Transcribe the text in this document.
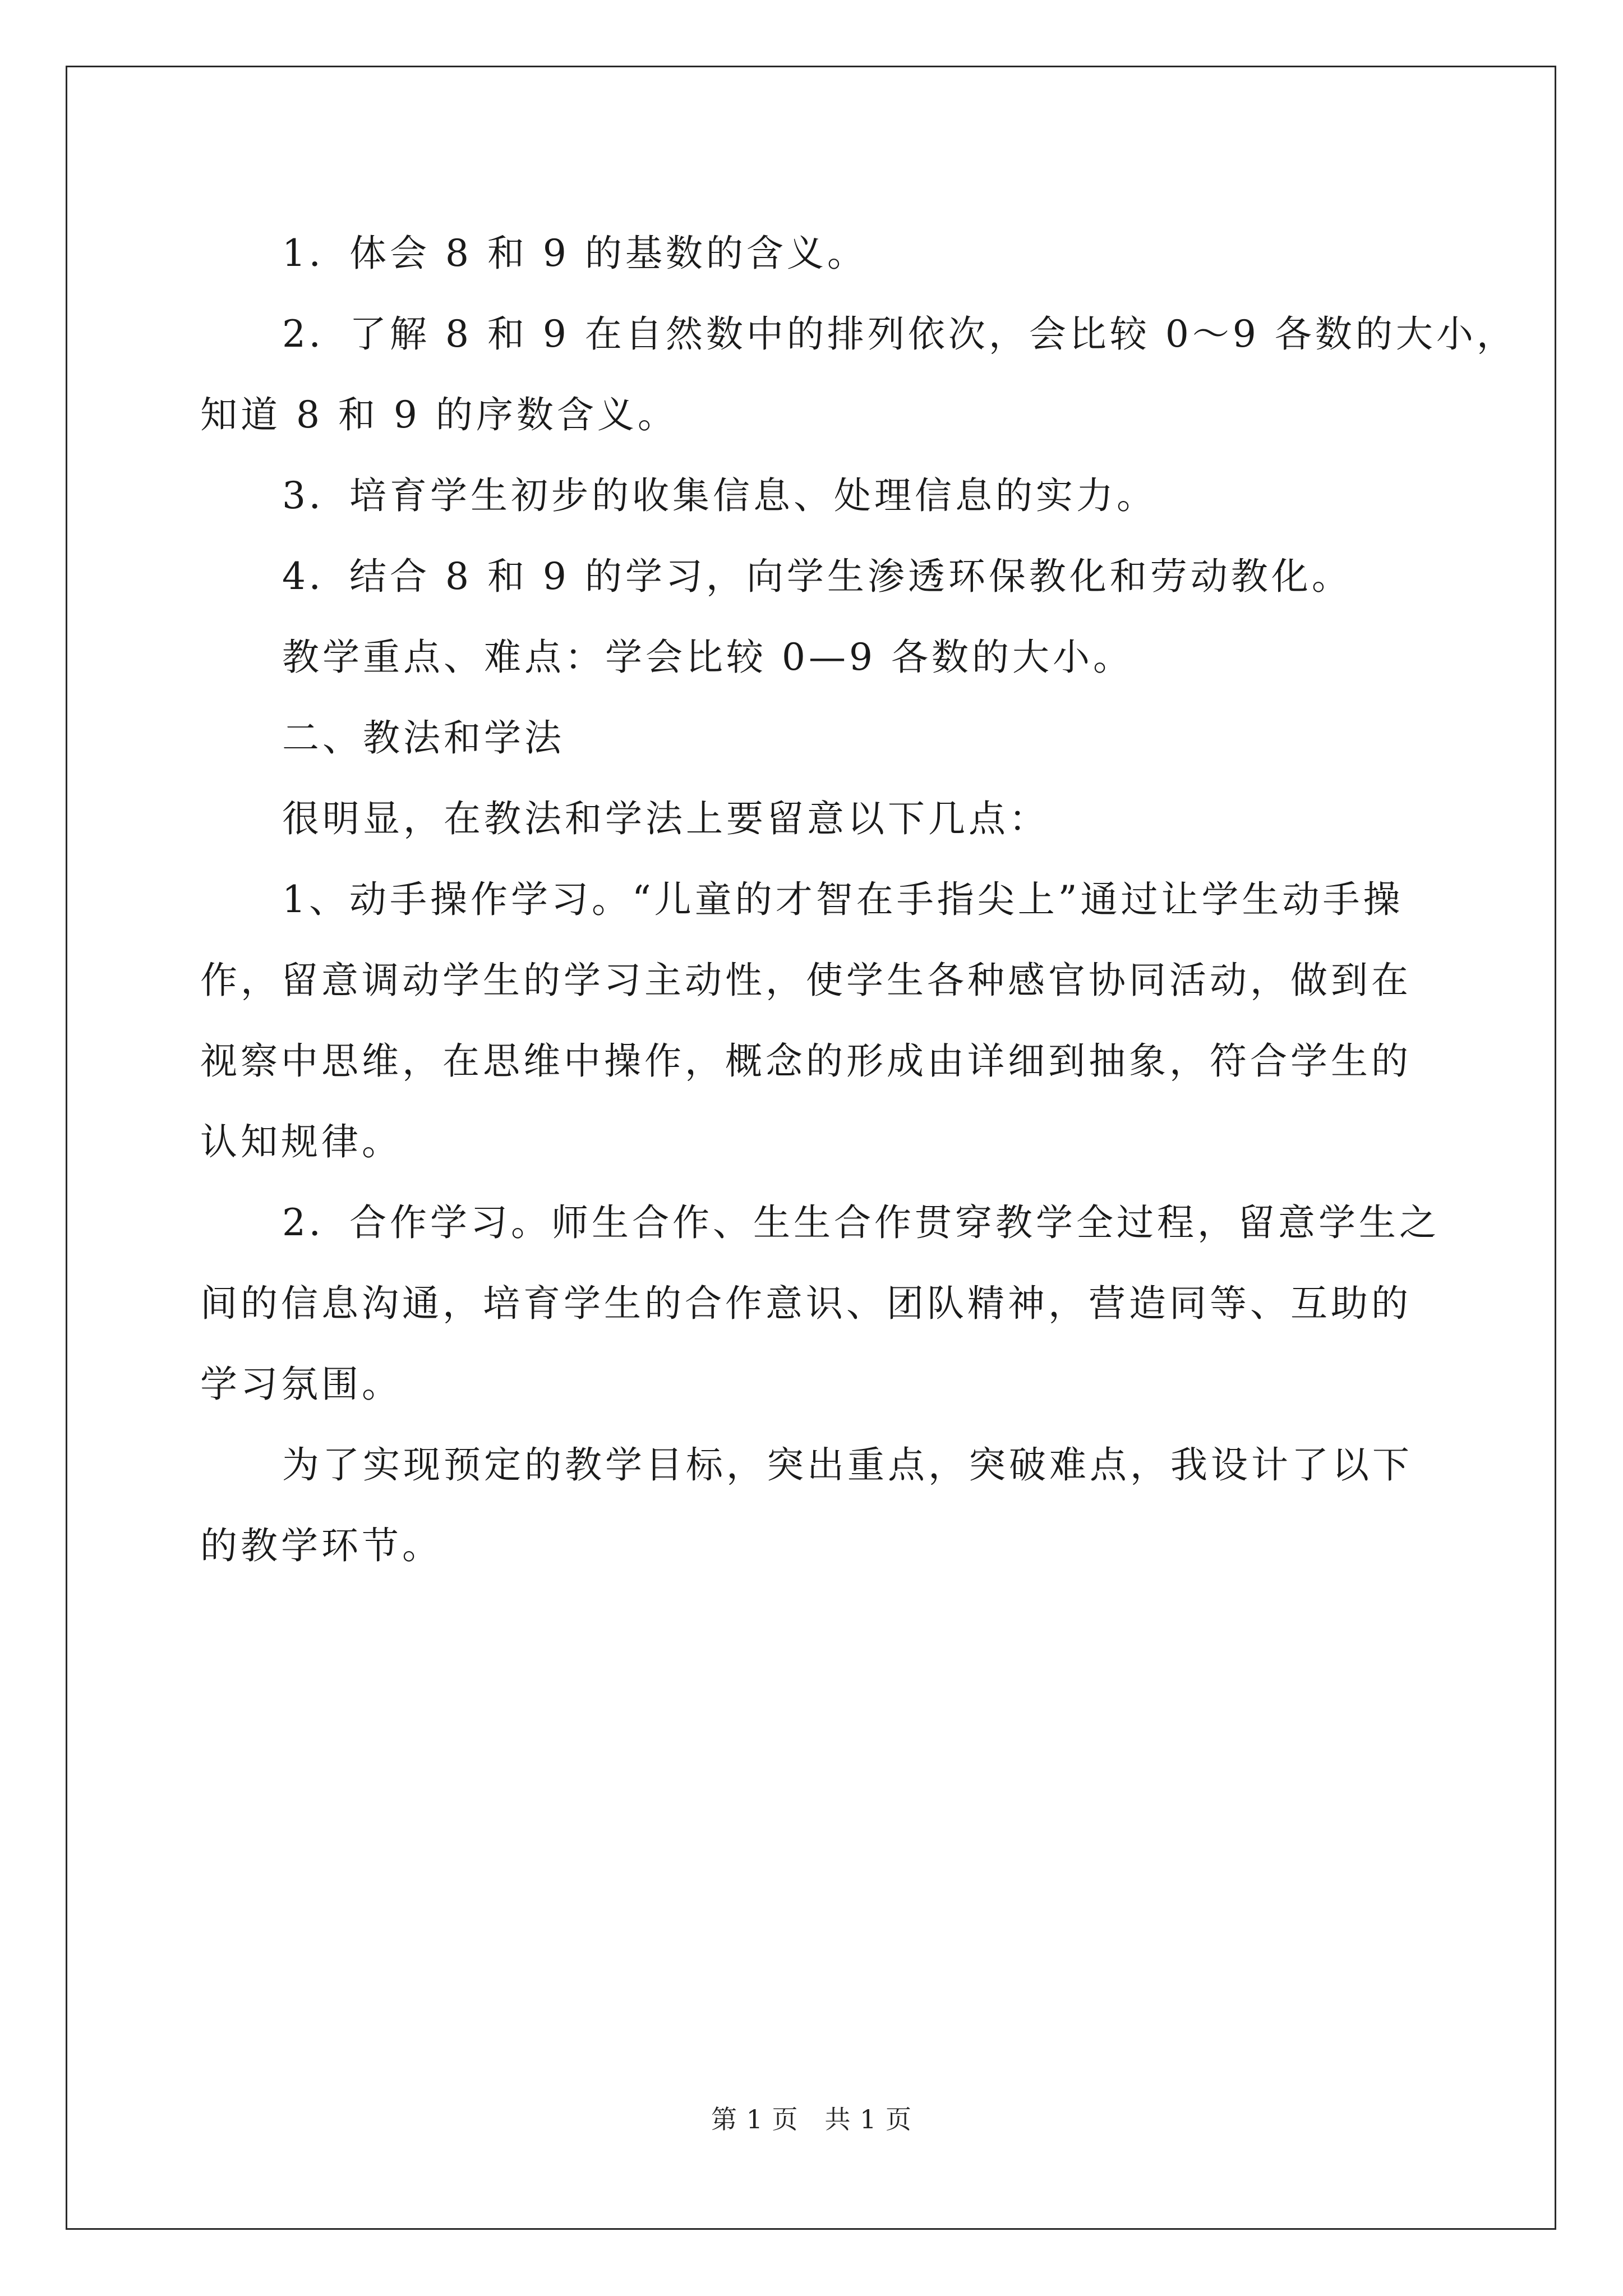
1．体会 8 和 9 的基数的含义。

2．了解 8 和 9 在自然数中的排列依次，会比较 0～9 各数的大小，

知道 8 和 9 的序数含义。

3．培育学生初步的收集信息、处理信息的实力。

4．结合 8 和 9 的学习，向学生渗透环保教化和劳动教化。

教学重点、难点：学会比较 0—9 各数的大小。

二、教法和学法

很明显，在教法和学法上要留意以下几点：

1、动手操作学习。“儿童的才智在手指尖上”通过让学生动手操

作，留意调动学生的学习主动性，使学生各种感官协同活动，做到在

视察中思维，在思维中操作，概念的形成由详细到抽象，符合学生的

认知规律。

2．合作学习。师生合作、生生合作贯穿教学全过程，留意学生之

间的信息沟通，培育学生的合作意识、团队精神，营造同等、互助的

学习氛围。

为了实现预定的教学目标，突出重点，突破难点，我设计了以下

的教学环节。

第 1 页　共 1 页
